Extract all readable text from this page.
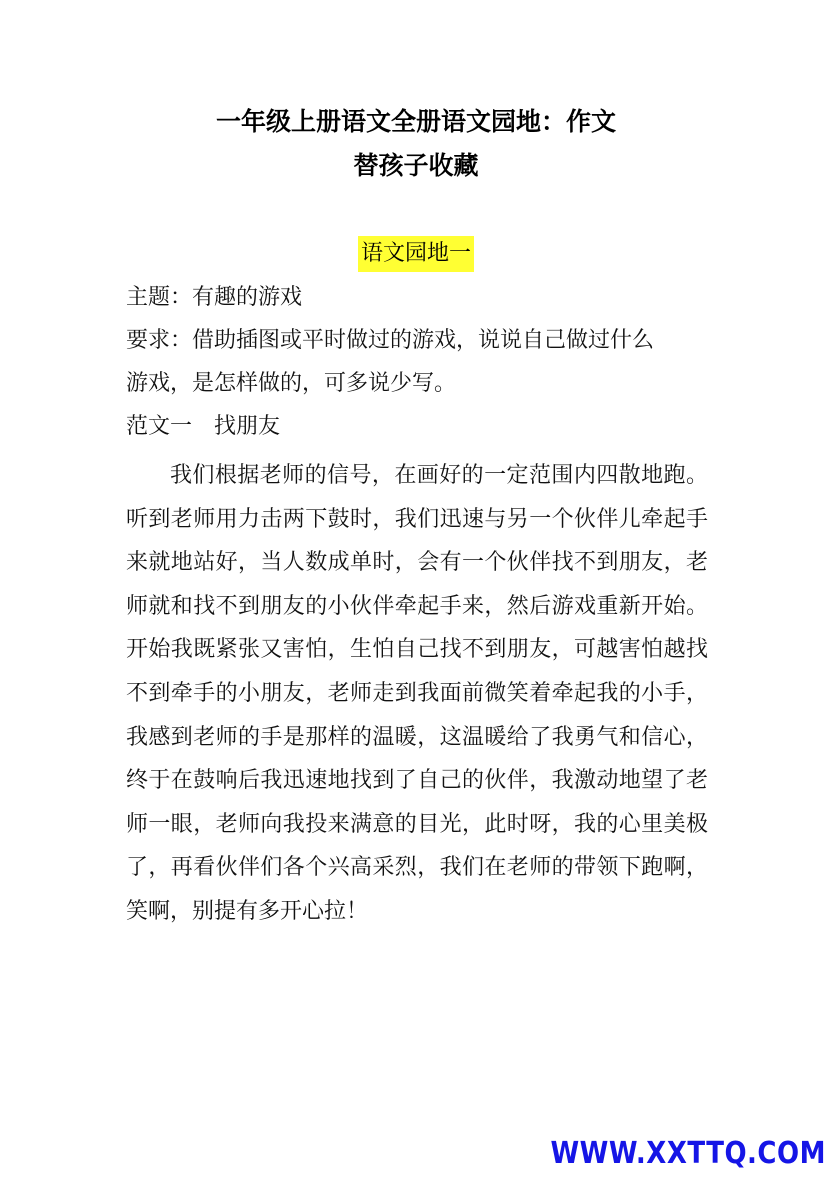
一年级上册语文全册语文园地：作文
替孩子收藏
语文园地一
主题：有趣的游戏
要求：借助插图或平时做过的游戏，说说自己做过什么
游戏，是怎样做的，可多说少写。
范文一　找朋友
我们根据老师的信号，在画好的一定范围内四散地跑。听到老师用力击两下鼓时，我们迅速与另一个伙伴儿牵起手来就地站好，当人数成单时，会有一个伙伴找不到朋友，老师就和找不到朋友的小伙伴牵起手来，然后游戏重新开始。开始我既紧张又害怕，生怕自己找不到朋友，可越害怕越找不到牵手的小朋友，老师走到我面前微笑着牵起我的小手，我感到老师的手是那样的温暖，这温暖给了我勇气和信心，终于在鼓响后我迅速地找到了自己的伙伴，我激动地望了老师一眼，老师向我投来满意的目光，此时呀，我的心里美极了，再看伙伴们各个兴高采烈，我们在老师的带领下跑啊，笑啊，别提有多开心拉！
WWW.XXTTQ.COM
